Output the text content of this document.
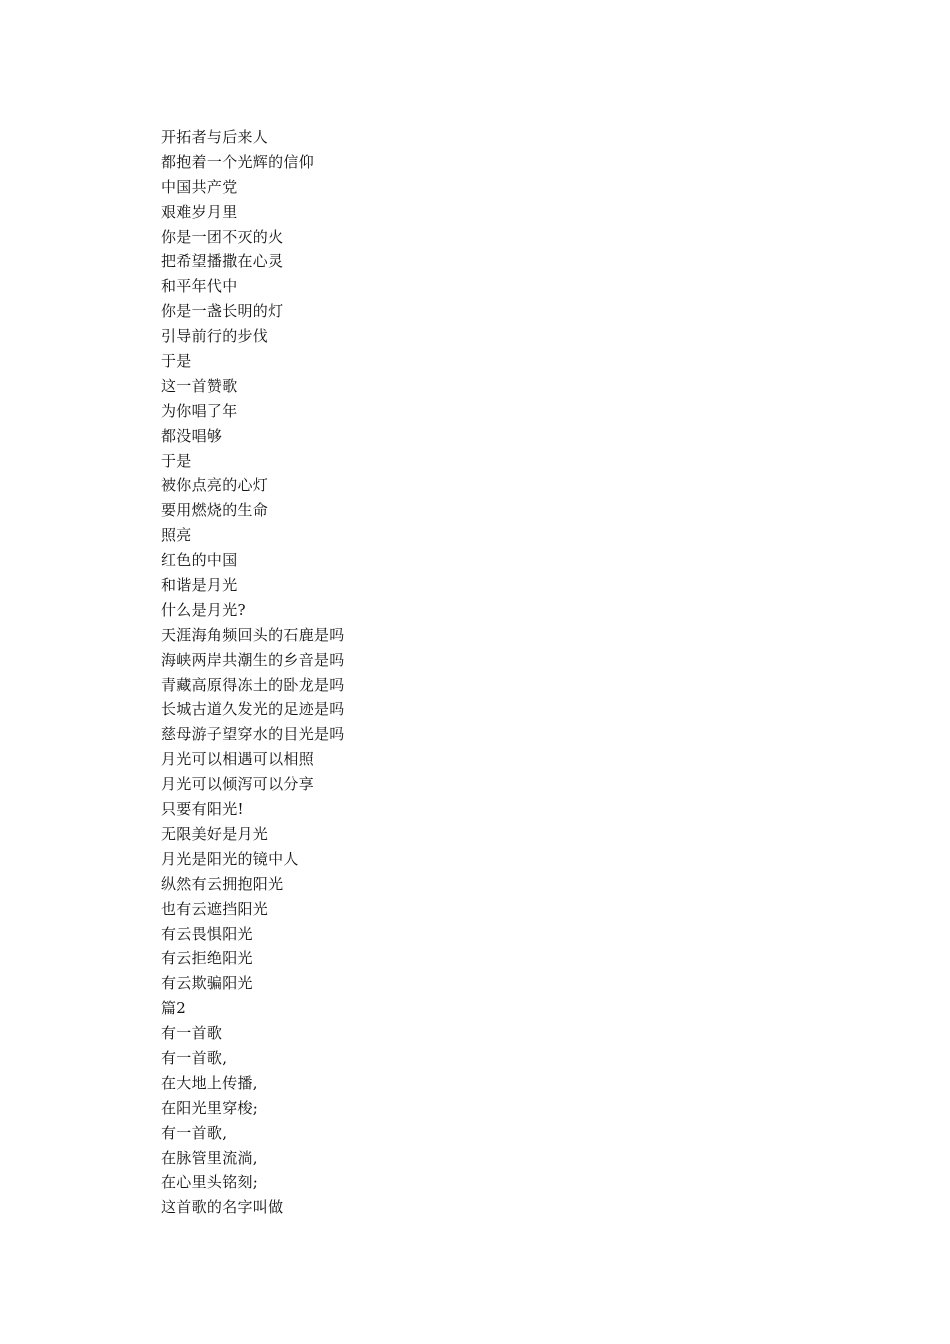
开拓者与后来人
都抱着一个光辉的信仰
中国共产党
艰难岁月里
你是一团不灭的火
把希望播撒在心灵
和平年代中
你是一盏长明的灯
引导前行的步伐
于是
这一首赞歌
为你唱了年
都没唱够
于是
被你点亮的心灯
要用燃烧的生命
照亮
红色的中国
和谐是月光
什么是月光?
天涯海角频回头的石鹿是吗
海峡两岸共潮生的乡音是吗
青藏高原得冻土的卧龙是吗
长城古道久发光的足迹是吗
慈母游子望穿水的目光是吗
月光可以相遇可以相照
月光可以倾泻可以分享
只要有阳光!
无限美好是月光
月光是阳光的镜中人
纵然有云拥抱阳光
也有云遮挡阳光
有云畏惧阳光
有云拒绝阳光
有云欺骗阳光
篇2
有一首歌
有一首歌,
在大地上传播,
在阳光里穿梭;
有一首歌,
在脉管里流淌,
在心里头铭刻;
这首歌的名字叫做
